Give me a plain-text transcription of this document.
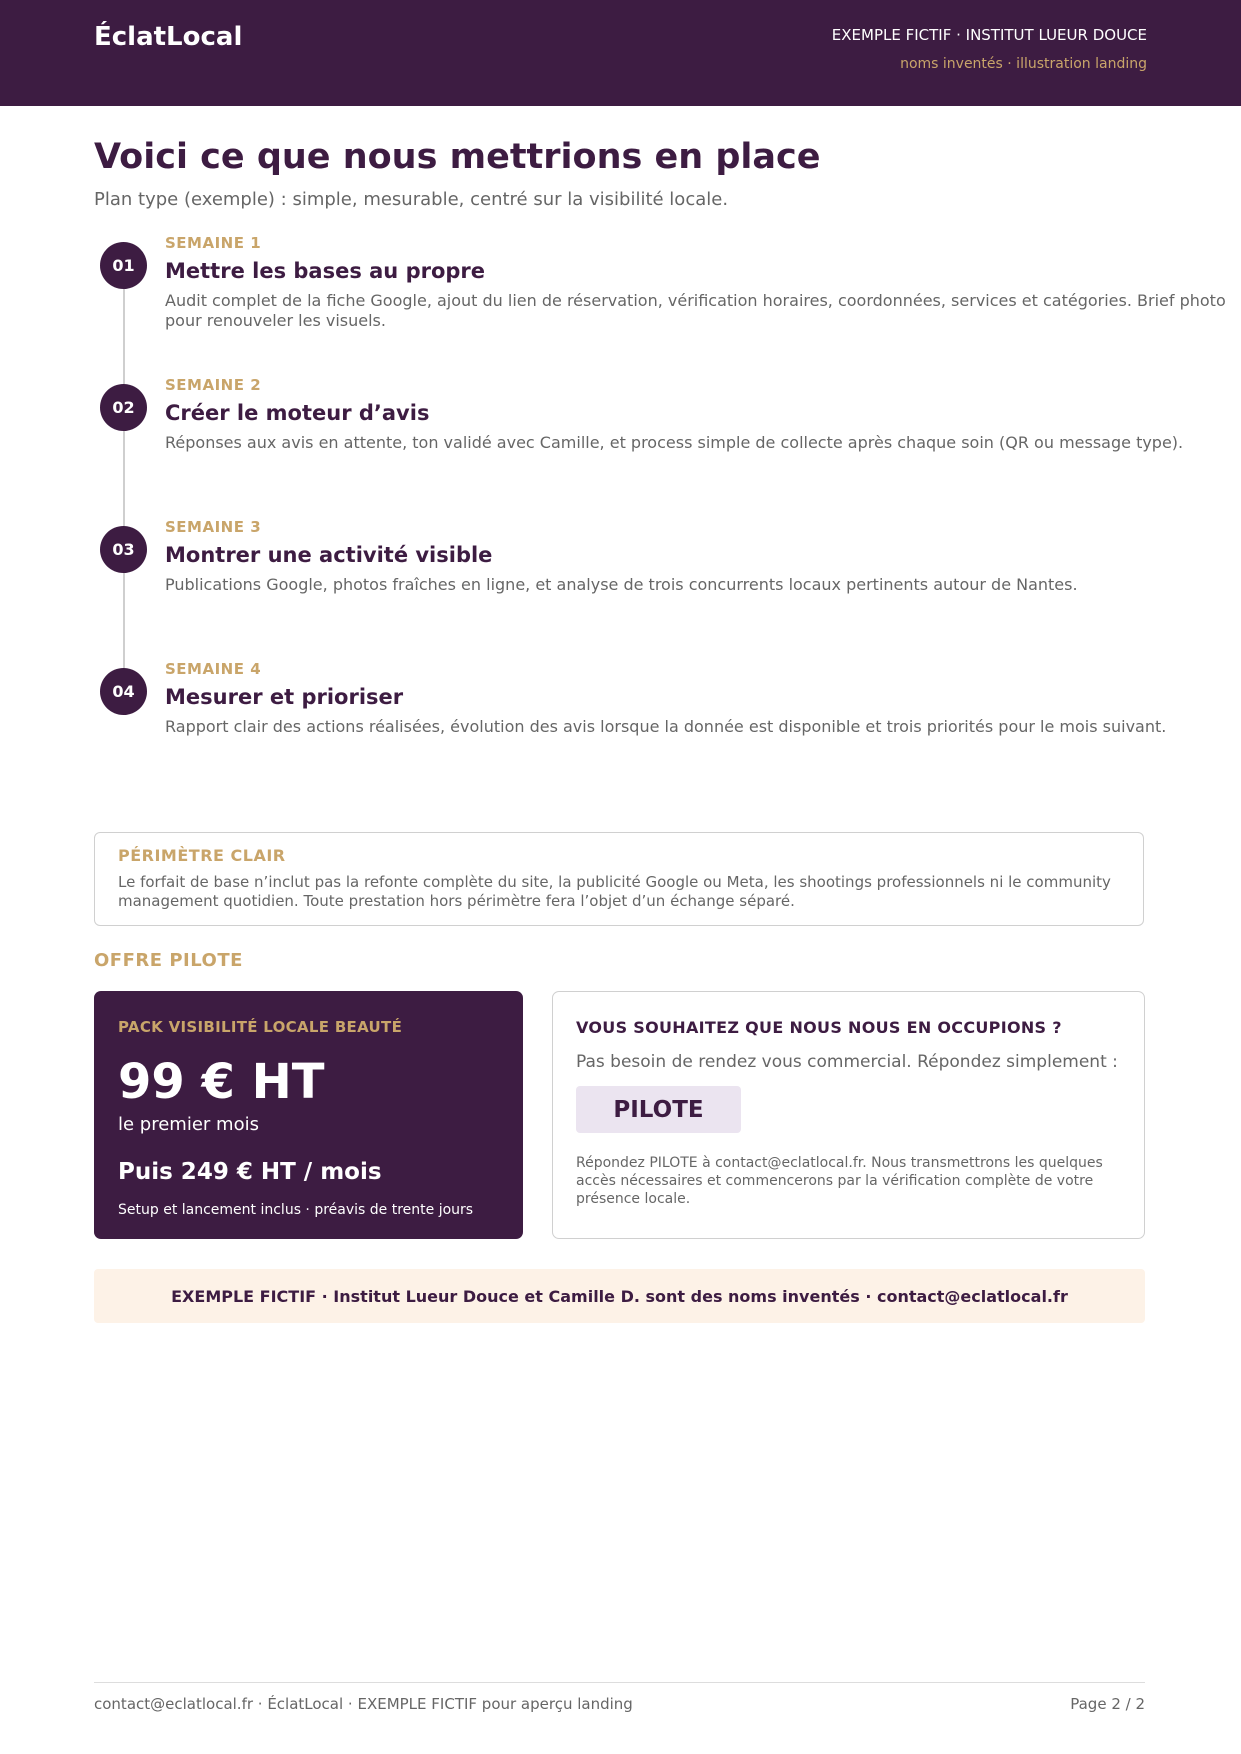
ÉclatLocal	EXEMPLE FICTIF · INSTITUT LUEUR DOUCE
noms inventés · illustration landing
Voici ce que nous mettrions en place
Plan type (exemple) : simple, mesurable, centré sur la visibilité locale.
01
SEMAINE 1
Mettre les bases au propre
Audit complet de la fiche Google, ajout du lien de réservation, vérification horaires, coordonnées, services et catégories. Brief photo pour renouveler les visuels.
02
SEMAINE 2
Créer le moteur d’avis
Réponses aux avis en attente, ton validé avec Camille, et process simple de collecte après chaque soin (QR ou message type).
03
SEMAINE 3
Montrer une activité visible
Publications Google, photos fraîches en ligne, et analyse de trois concurrents locaux pertinents autour de Nantes.
04
SEMAINE 4
Mesurer et prioriser
Rapport clair des actions réalisées, évolution des avis lorsque la donnée est disponible et trois priorités pour le mois suivant.
PÉRIMÈTRE CLAIR
Le forfait de base n’inclut pas la refonte complète du site, la publicité Google ou Meta, les shootings professionnels ni le community management quotidien. Toute prestation hors périmètre fera l’objet d’un échange séparé.
OFFRE PILOTE
PACK VISIBILITÉ LOCALE BEAUTÉ
99 € HT
le premier mois
Puis 249 € HT / mois
Setup et lancement inclus · préavis de trente jours
VOUS SOUHAITEZ QUE NOUS NOUS EN OCCUPIONS ?
Pas besoin de rendez vous commercial. Répondez simplement :
PILOTE
Répondez PILOTE à contact@eclatlocal.fr. Nous transmettrons les quelques accès nécessaires et commencerons par la vérification complète de votre présence locale.
EXEMPLE FICTIF · Institut Lueur Douce et Camille D. sont des noms inventés · contact@eclatlocal.fr
contact@eclatlocal.fr · ÉclatLocal · EXEMPLE FICTIF pour aperçu landing	Page 2 / 2
